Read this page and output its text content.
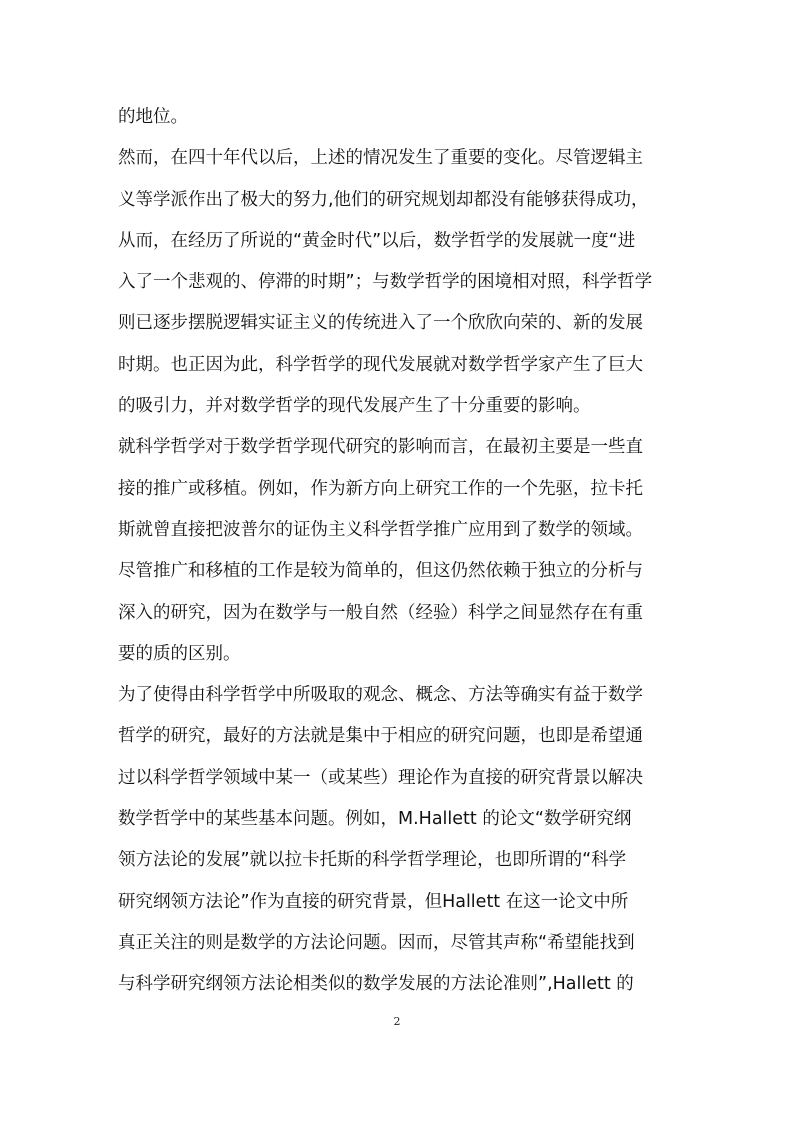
的地位。

然而，在四十年代以后，上述的情况发生了重要的变化。尽管逻辑主
义等学派作出了极大的努力,他们的研究规划却都没有能够获得成功，
从而，在经历了所说的“黄金时代”以后，数学哲学的发展就一度“进
入了一个悲观的、停滞的时期”；与数学哲学的困境相对照，科学哲学
则已逐步摆脱逻辑实证主义的传统进入了一个欣欣向荣的、新的发展
时期。也正因为此，科学哲学的现代发展就对数学哲学家产生了巨大
的吸引力，并对数学哲学的现代发展产生了十分重要的影响。

就科学哲学对于数学哲学现代研究的影响而言，在最初主要是一些直
接的推广或移植。例如，作为新方向上研究工作的一个先驱，拉卡托
斯就曾直接把波普尔的证伪主义科学哲学推广应用到了数学的领域。
尽管推广和移植的工作是较为简单的，但这仍然依赖于独立的分析与
深入的研究，因为在数学与一般自然（经验）科学之间显然存在有重
要的质的区别。

为了使得由科学哲学中所吸取的观念、概念、方法等确实有益于数学
哲学的研究，最好的方法就是集中于相应的研究问题，也即是希望通
过以科学哲学领域中某一（或某些）理论作为直接的研究背景以解决
数学哲学中的某些基本问题。例如，M.Hallett 的论文“数学研究纲
领方法论的发展”就以拉卡托斯的科学哲学理论，也即所谓的“科学
研究纲领方法论”作为直接的研究背景，但Hallett 在这一论文中所
真正关注的则是数学的方法论问题。因而，尽管其声称“希望能找到
与科学研究纲领方法论相类似的数学发展的方法论准则”,Hallett 的

2
